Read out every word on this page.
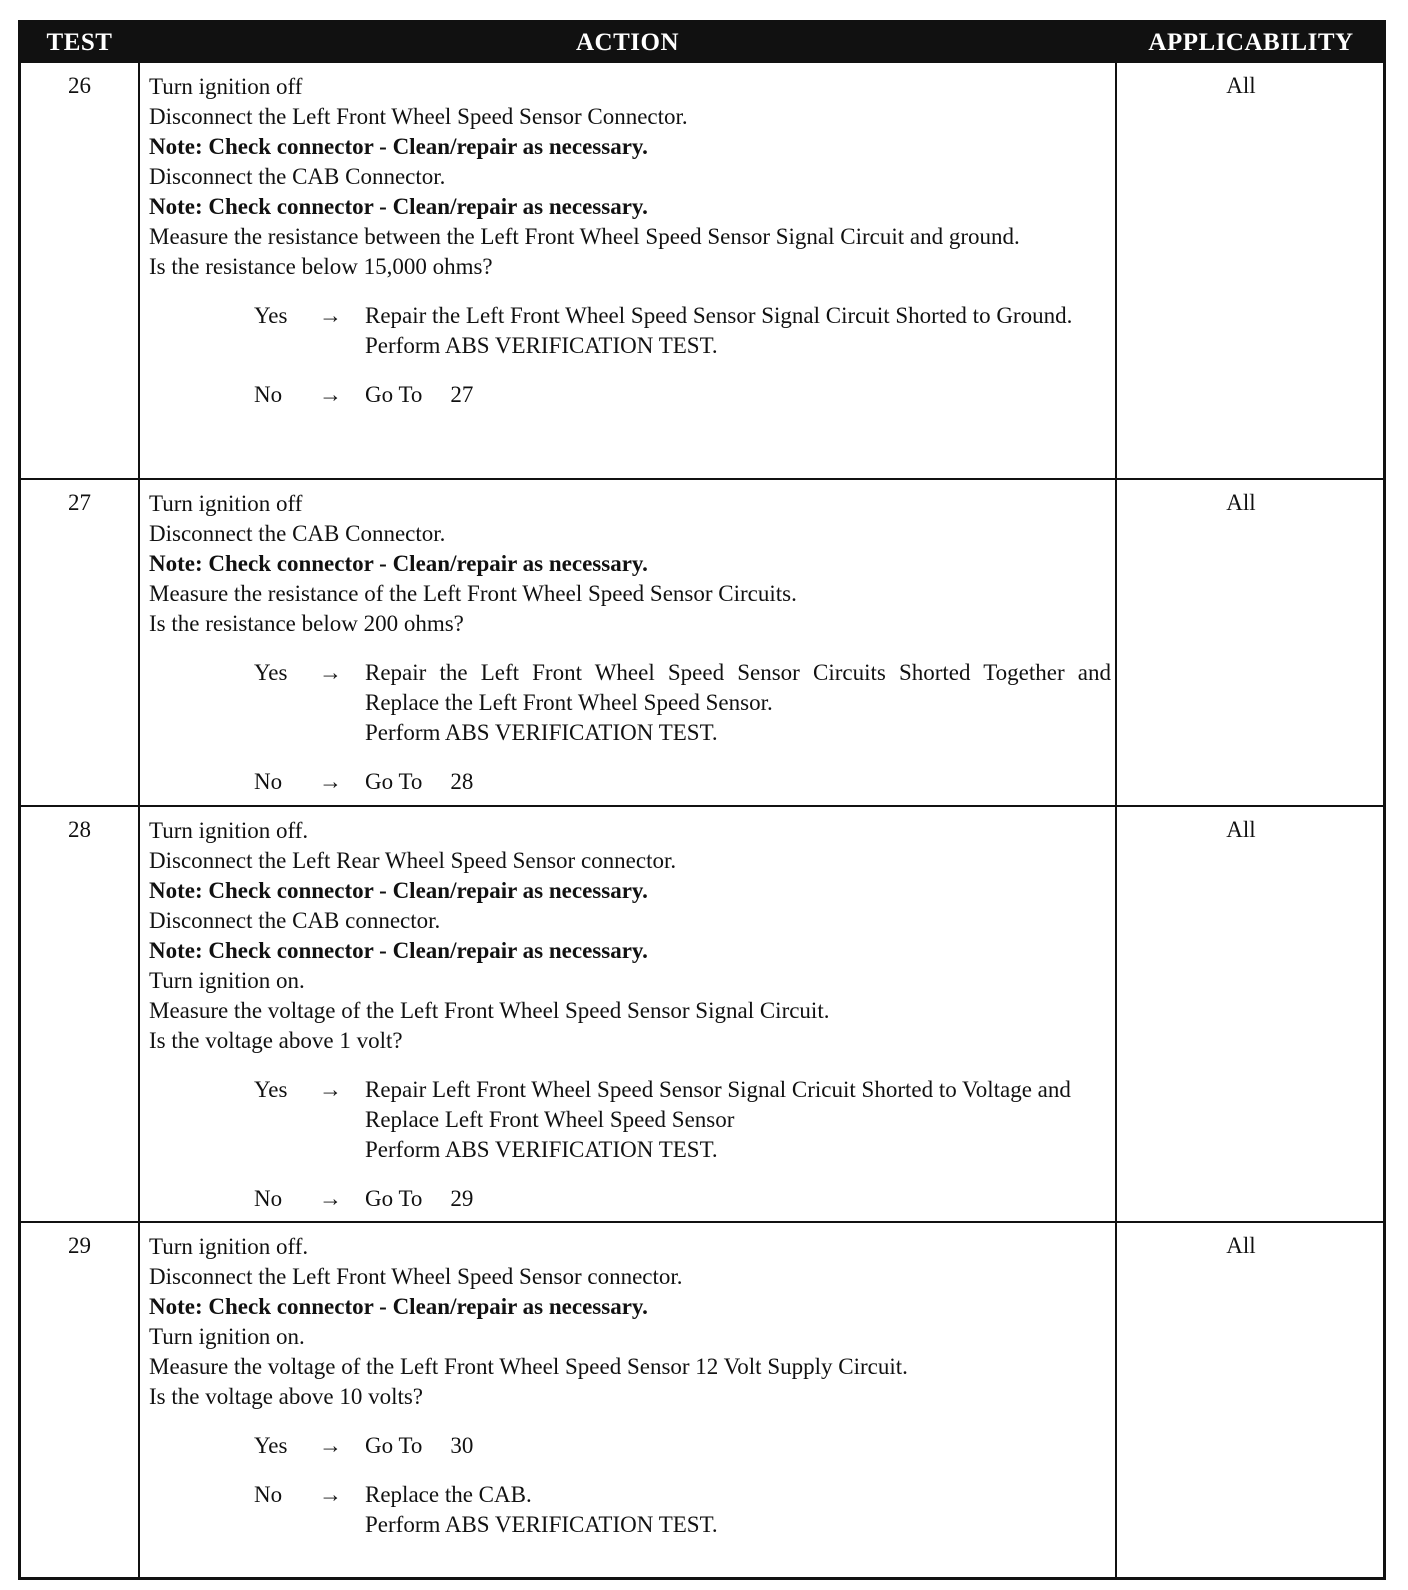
TEST	ACTION	APPLICABILITY
26	Turn ignition off

Disconnect the Left Front Wheel Speed Sensor Connector.

Note: Check connector - Clean/repair as necessary.

Disconnect the CAB Connector.

Note: Check connector - Clean/repair as necessary.

Measure the resistance between the Left Front Wheel Speed Sensor Signal Circuit and ground.

Is the resistance below 15,000 ohms?

Yes → Repair the Left Front Wheel Speed Sensor Signal Circuit Shorted to Ground.

Perform ABS VERIFICATION TEST.

No → Go To 27

All
27	Turn ignition off

Disconnect the CAB Connector.

Note: Check connector - Clean/repair as necessary.

Measure the resistance of the Left Front Wheel Speed Sensor Circuits.

Is the resistance below 200 ohms?

Yes → Repair the Left Front Wheel Speed Sensor Circuits Shorted Together and Replace the Left Front Wheel Speed Sensor.

Perform ABS VERIFICATION TEST.

No → Go To 28

All
28	Turn ignition off.

Disconnect the Left Rear Wheel Speed Sensor connector.

Note: Check connector - Clean/repair as necessary.

Disconnect the CAB connector.

Note: Check connector - Clean/repair as necessary.

Turn ignition on.

Measure the voltage of the Left Front Wheel Speed Sensor Signal Circuit.

Is the voltage above 1 volt?

Yes → Repair Left Front Wheel Speed Sensor Signal Cricuit Shorted to Voltage and Replace Left Front Wheel Speed Sensor

Perform ABS VERIFICATION TEST.

No → Go To 29

All
29	Turn ignition off.

Disconnect the Left Front Wheel Speed Sensor connector.

Note: Check connector - Clean/repair as necessary.

Turn ignition on.

Measure the voltage of the Left Front Wheel Speed Sensor 12 Volt Supply Circuit.

Is the voltage above 10 volts?

Yes → Go To 30

No → Replace the CAB.

Perform ABS VERIFICATION TEST.

All
